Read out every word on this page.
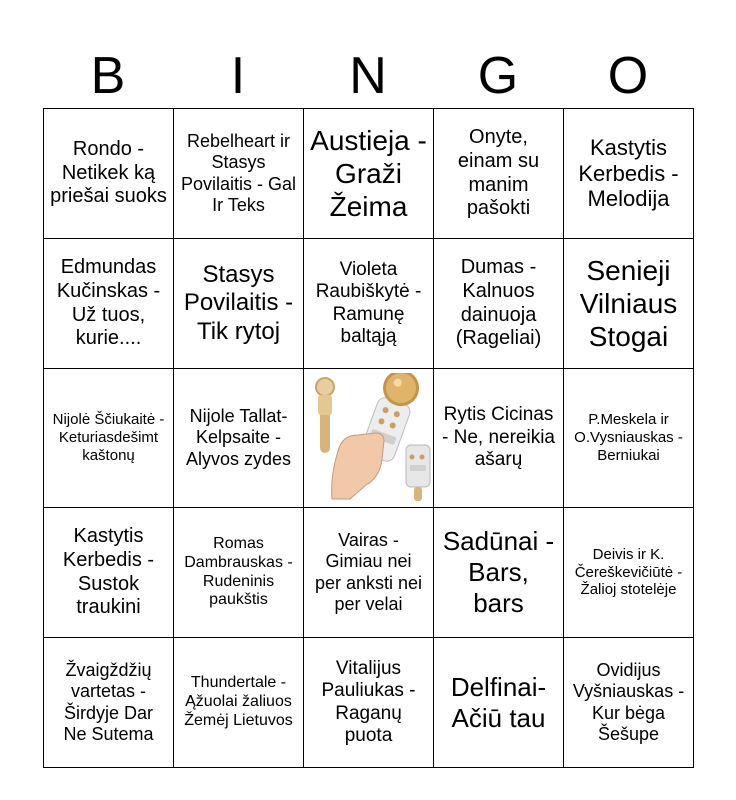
B	I	N	G	O
Rondo - Netikek ką priešai suoks	Rebelheart ir Stasys Povilaitis - Gal Ir Teks	Austieja - Graži Žeima	Onyte, einam su manim pašokti	Kastytis Kerbedis - Melodija
Edmundas Kučinskas - Už tuos, kurie....	Stasys Povilaitis - Tik rytoj	Violeta Raubiškytė - Ramunę baltąją	Dumas - Kalnuos dainuoja (Rageliai)	Senieji Vilniaus Stogai
Nijolė Ščiukaitė - Keturiasdešimt kaštonų	Nijole Tallat-Kelpsaite - Alyvos zydes		Rytis Cicinas - Ne, nereikia ašarų	P.Meskela ir O.Vysniauskas - Berniukai
Kastytis Kerbedis - Sustok traukini	Romas Dambrauskas - Rudeninis paukštis	Vairas - Gimiau nei per anksti nei per velai	Sadūnai - Bars, bars	Deivis ir K. Čereškevičiūtė - Žalioj stotelėje
Žvaigždžių vartetas - Širdyje Dar Ne Sutema	Thundertale - Ąžuolai žaliuos Žemėj Lietuvos	Vitalijus Pauliukas - Raganų puota	Delfinai- Ačiū tau	Ovidijus Vyšniauskas - Kur bėga Šešupe
